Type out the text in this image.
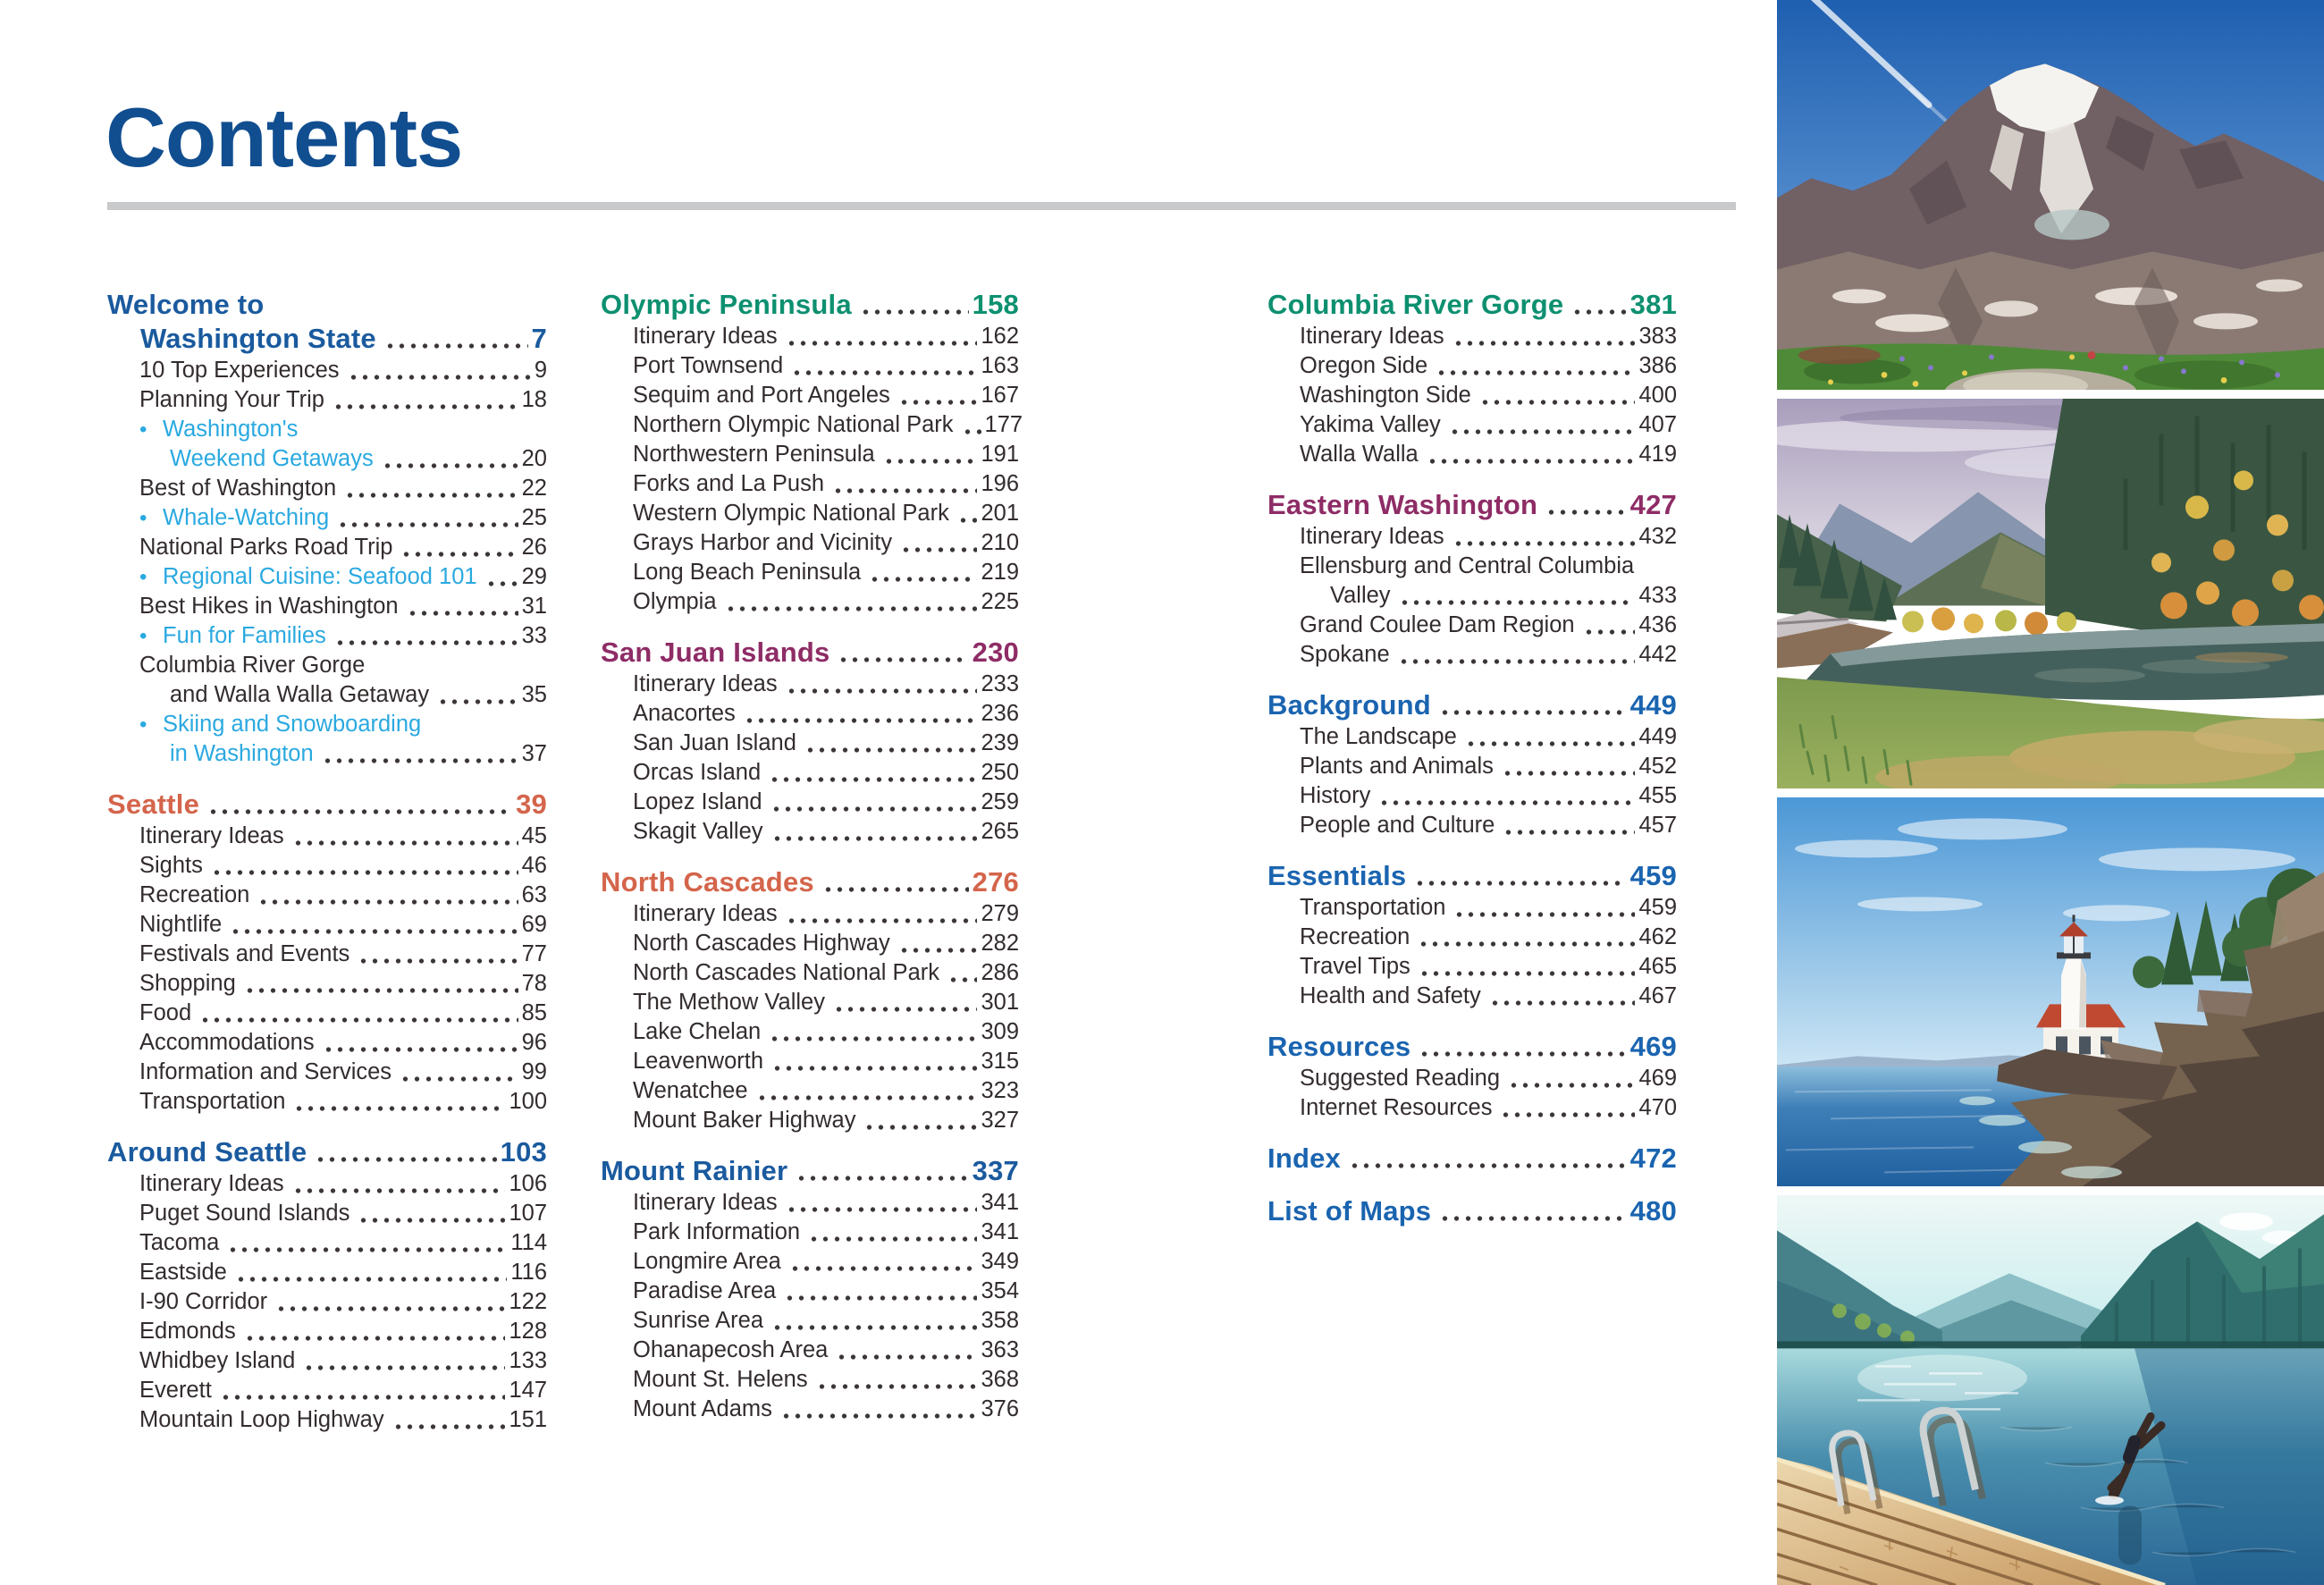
Contents
Welcome to
Washington State	7
10 Top Experiences	9
Planning Your Trip	18
• Washington's
Weekend Getaways	20
Best of Washington	22
• Whale-Watching	25
National Parks Road Trip	26
• Regional Cuisine: Seafood 101 29
Best Hikes in Washington	31
• Fun for Families	33
Columbia River Gorge
and Walla Walla Getaway	35
• Skiing and Snowboarding
in Washington	37
Seattle	39
Itinerary Ideas	45
Sights	46
Recreation	63
Nightlife	69
Festivals and Events	77
Shopping	78
Food	85
Accommodations	96
Information and Services	99
Transportation	100
Around Seattle	103
Itinerary Ideas	106
Puget Sound Islands	107
Tacoma	114
Eastside	116
I-90 Corridor	122
Edmonds	128
Whidbey Island	133
Everett	147
Mountain Loop Highway	151
Olympic Peninsula	158
Itinerary Ideas	162
Port Townsend	163
Sequim and Port Angeles	167
Northern Olympic National Park 177
Northwestern Peninsula	191
Forks and La Push	196
Western Olympic National Park 201
Grays Harbor and Vicinity	210
Long Beach Peninsula	219
Olympia	225
San Juan Islands	230
Itinerary Ideas	233
Anacortes	236
San Juan Island	239
Orcas Island	250
Lopez Island	259
Skagit Valley	265
North Cascades	276
Itinerary Ideas	279
North Cascades Highway	282
North Cascades National Park 286
The Methow Valley	301
Lake Chelan	309
Leavenworth	315
Wenatchee	323
Mount Baker Highway	327
Mount Rainier	337
Itinerary Ideas	341
Park Information	341
Longmire Area	349
Paradise Area	354
Sunrise Area	358
Ohanapecosh Area	363
Mount St. Helens	368
Mount Adams	376
Columbia River Gorge 381
Itinerary Ideas	383
Oregon Side	386
Washington Side	400
Yakima Valley	407
Walla Walla	419
Eastern Washington	427
Itinerary Ideas	432
Ellensburg and Central Columbia
Valley	433
Grand Coulee Dam Region	436
Spokane	442
Background	449
The Landscape	449
Plants and Animals	452
History	455
People and Culture	457
Essentials	459
Transportation	459
Recreation	462
Travel Tips	465
Health and Safety	467
Resources	469
Suggested Reading	469
Internet Resources	470
Index	472
List of Maps	480
